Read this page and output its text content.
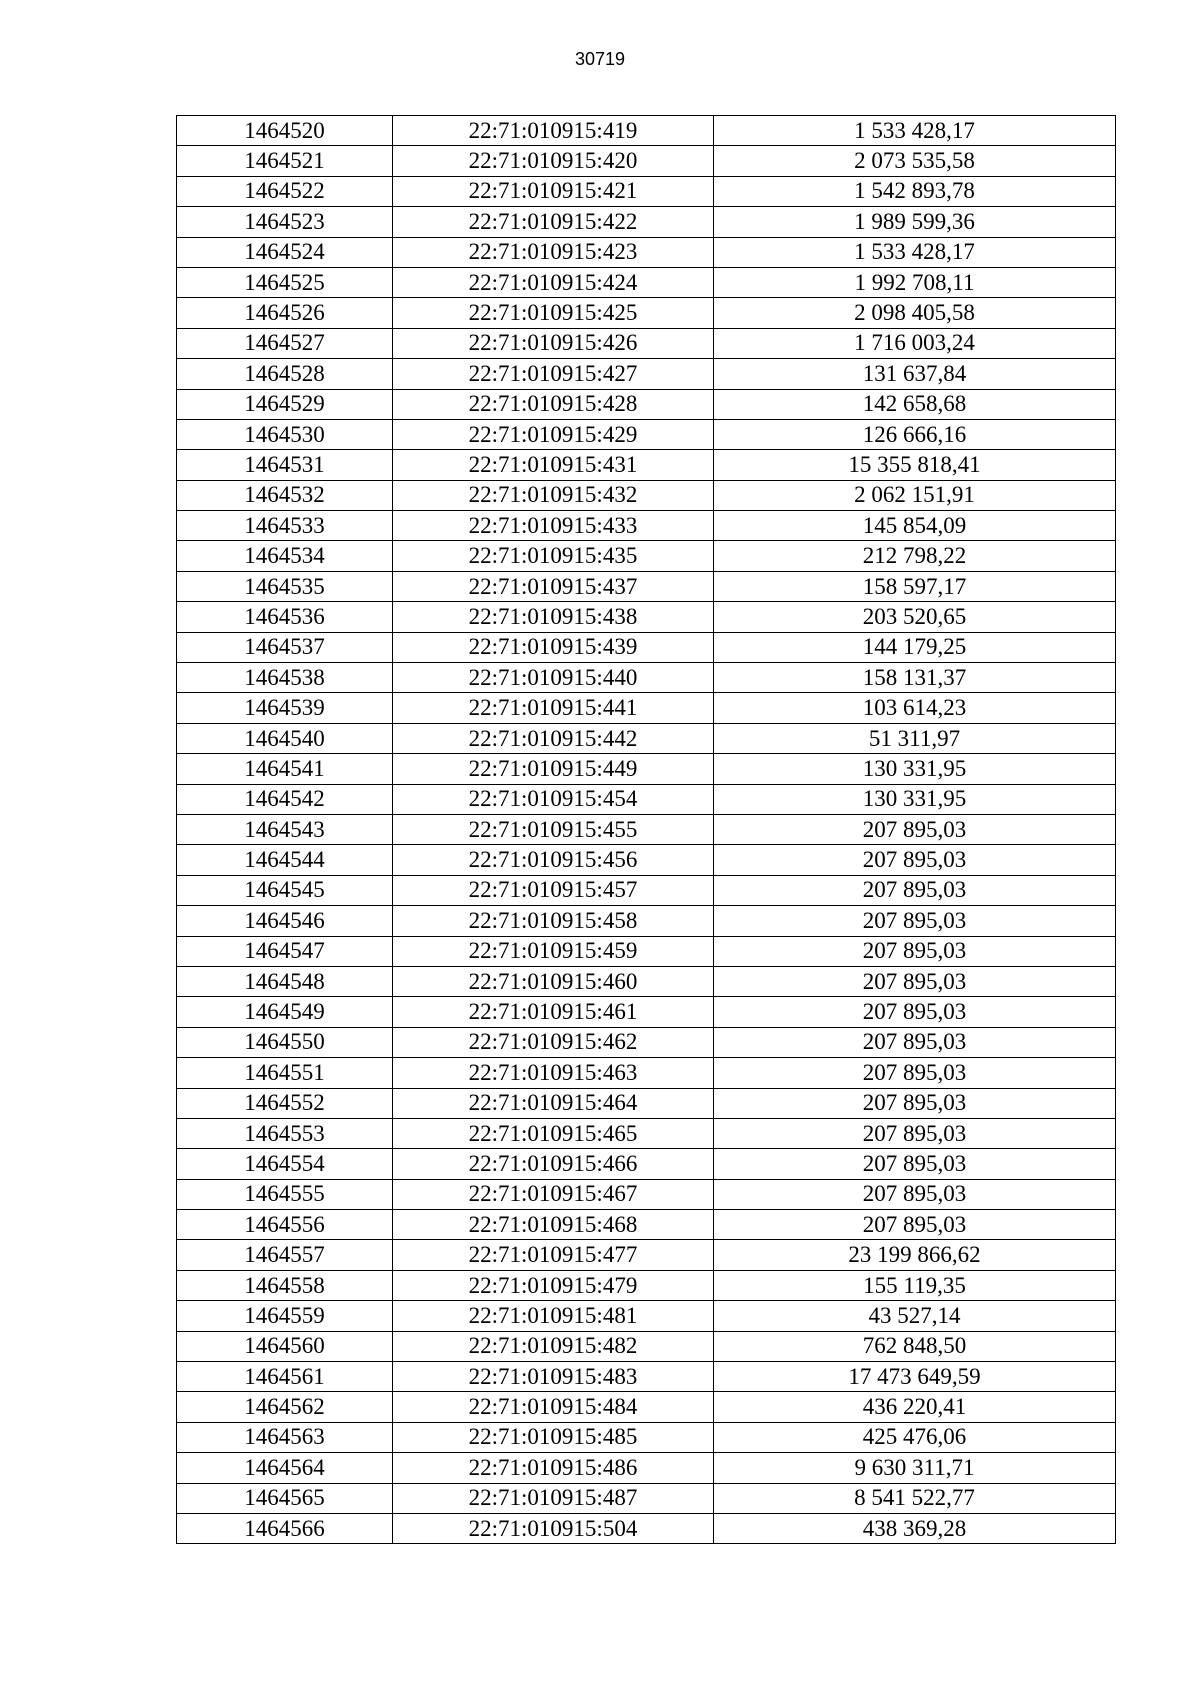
30719
1464520	22:71:010915:419	1 533 428,17
1464521	22:71:010915:420	2 073 535,58
1464522	22:71:010915:421	1 542 893,78
1464523	22:71:010915:422	1 989 599,36
1464524	22:71:010915:423	1 533 428,17
1464525	22:71:010915:424	1 992 708,11
1464526	22:71:010915:425	2 098 405,58
1464527	22:71:010915:426	1 716 003,24
1464528	22:71:010915:427	131 637,84
1464529	22:71:010915:428	142 658,68
1464530	22:71:010915:429	126 666,16
1464531	22:71:010915:431	15 355 818,41
1464532	22:71:010915:432	2 062 151,91
1464533	22:71:010915:433	145 854,09
1464534	22:71:010915:435	212 798,22
1464535	22:71:010915:437	158 597,17
1464536	22:71:010915:438	203 520,65
1464537	22:71:010915:439	144 179,25
1464538	22:71:010915:440	158 131,37
1464539	22:71:010915:441	103 614,23
1464540	22:71:010915:442	51 311,97
1464541	22:71:010915:449	130 331,95
1464542	22:71:010915:454	130 331,95
1464543	22:71:010915:455	207 895,03
1464544	22:71:010915:456	207 895,03
1464545	22:71:010915:457	207 895,03
1464546	22:71:010915:458	207 895,03
1464547	22:71:010915:459	207 895,03
1464548	22:71:010915:460	207 895,03
1464549	22:71:010915:461	207 895,03
1464550	22:71:010915:462	207 895,03
1464551	22:71:010915:463	207 895,03
1464552	22:71:010915:464	207 895,03
1464553	22:71:010915:465	207 895,03
1464554	22:71:010915:466	207 895,03
1464555	22:71:010915:467	207 895,03
1464556	22:71:010915:468	207 895,03
1464557	22:71:010915:477	23 199 866,62
1464558	22:71:010915:479	155 119,35
1464559	22:71:010915:481	43 527,14
1464560	22:71:010915:482	762 848,50
1464561	22:71:010915:483	17 473 649,59
1464562	22:71:010915:484	436 220,41
1464563	22:71:010915:485	425 476,06
1464564	22:71:010915:486	9 630 311,71
1464565	22:71:010915:487	8 541 522,77
1464566	22:71:010915:504	438 369,28
